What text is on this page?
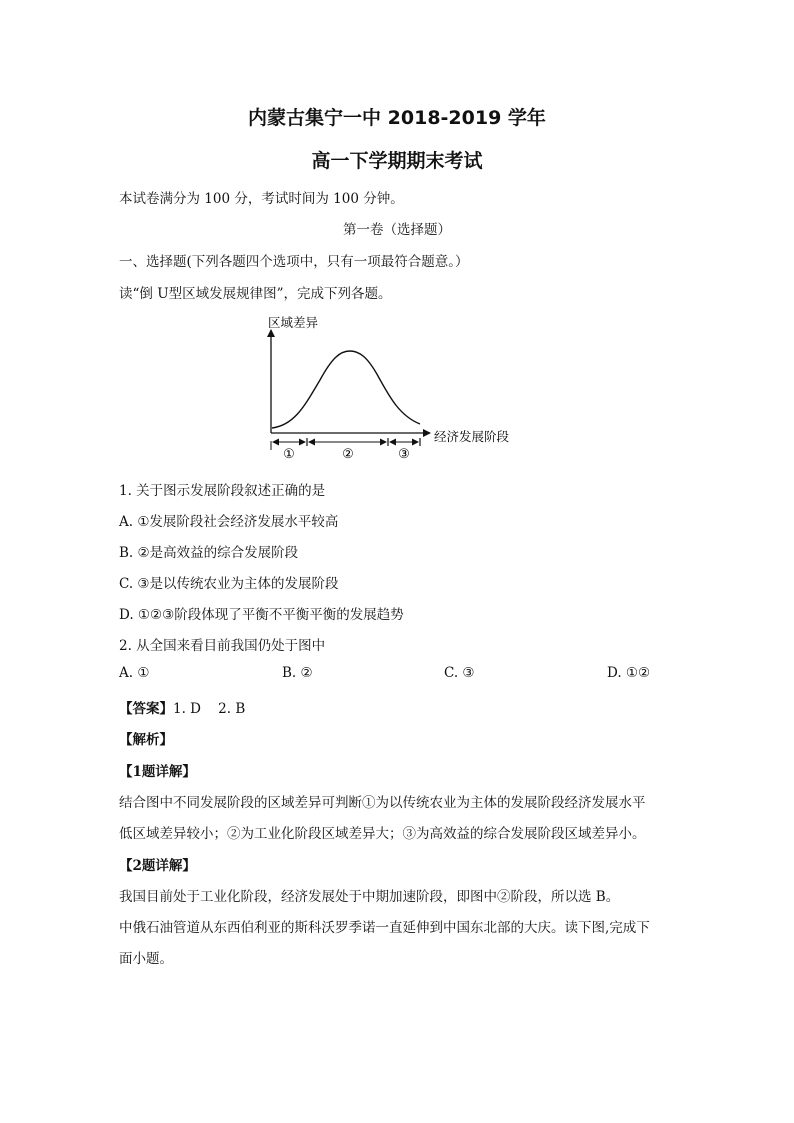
内蒙古集宁一中 2018-2019 学年
高一下学期期末考试
本试卷满分为 100 分，考试时间为 100 分钟。
第一卷（选择题）
一、选择题(下列各题四个选项中，只有一项最符合题意。）
读“倒 U型区域发展规律图”，完成下列各题。
区域差异
经济发展阶段
①	②	③
1. 关于图示发展阶段叙述正确的是
A. ①发展阶段社会经济发展水平较高
B. ②是高效益的综合发展阶段
C. ③是以传统农业为主体的发展阶段
D. ①②③阶段体现了平衡不平衡平衡的发展趋势
2. 从全国来看目前我国仍处于图中
A. ①	B. ②	C. ③	D. ①②
【答案】1. D    2. B
【解析】
【1题详解】
结合图中不同发展阶段的区域差异可判断①为以传统农业为主体的发展阶段经济发展水平
低区域差异较小；②为工业化阶段区域差异大；③为高效益的综合发展阶段区域差异小。
【2题详解】
我国目前处于工业化阶段，经济发展处于中期加速阶段，即图中②阶段，所以选 B。
中俄石油管道从东西伯利亚的斯科沃罗季诺一直延伸到中国东北部的大庆。读下图,完成下
面小题。
